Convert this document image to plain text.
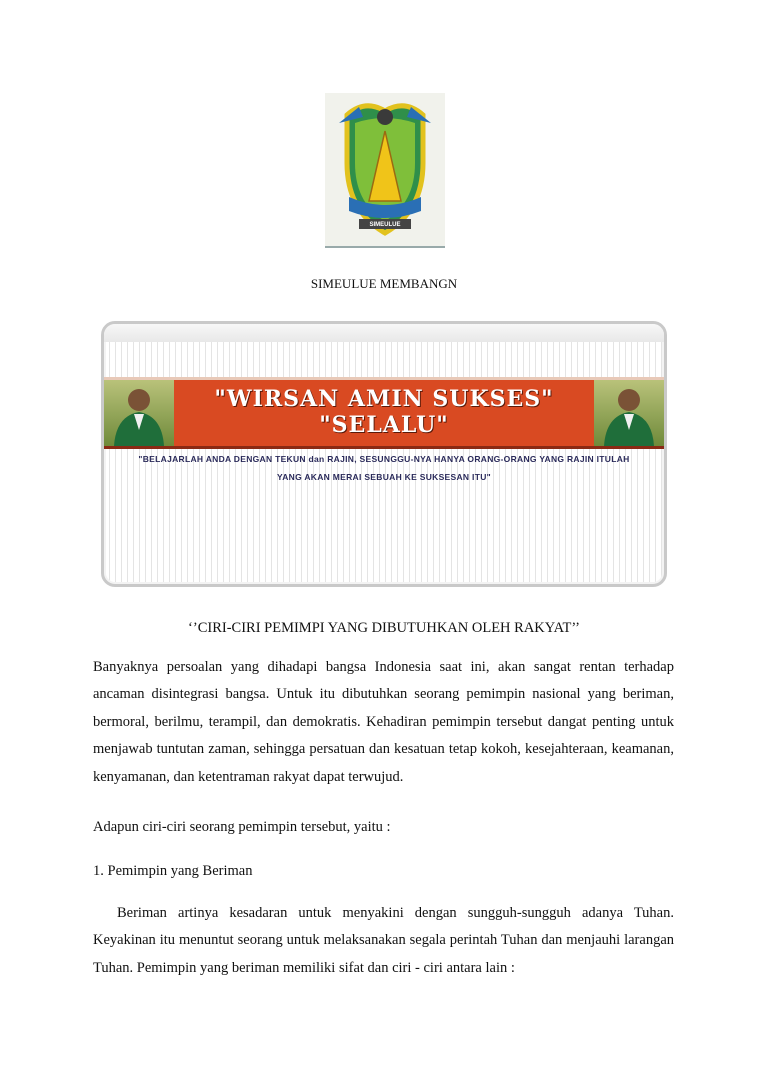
SIMEULUE
SIMEULUE MEMBANGN
"WIRSAN AMIN SUKSES"
"SELALU"
"BELAJARLAH ANDA DENGAN TEKUN dan RAJIN, SESUNGGU-NYA HANYA ORANG-ORANG YANG RAJIN ITULAH
YANG AKAN MERAI SEBUAH KE SUKSESAN ITU"
‘’CIRI-CIRI PEMIMPI YANG DIBUTUHKAN OLEH RAKYAT’’

Banyaknya persoalan yang dihadapi bangsa Indonesia saat ini, akan sangat rentan terhadap ancaman disintegrasi bangsa. Untuk itu dibutuhkan seorang pemimpin nasional yang beriman, bermoral, berilmu, terampil, dan demokratis. Kehadiran pemimpin tersebut dangat penting untuk menjawab tuntutan zaman, sehingga persatuan dan kesatuan tetap kokoh, kesejahteraan, keamanan, kenyamanan, dan ketentraman rakyat dapat terwujud.

Adapun ciri-ciri seorang pemimpin tersebut, yaitu :

1. Pemimpin yang Beriman

Beriman artinya kesadaran untuk menyakini dengan sungguh-sungguh adanya Tuhan. Keyakinan itu menuntut seorang untuk melaksanakan segala perintah Tuhan dan menjauhi larangan Tuhan. Pemimpin yang beriman memiliki sifat dan ciri - ciri antara lain :
